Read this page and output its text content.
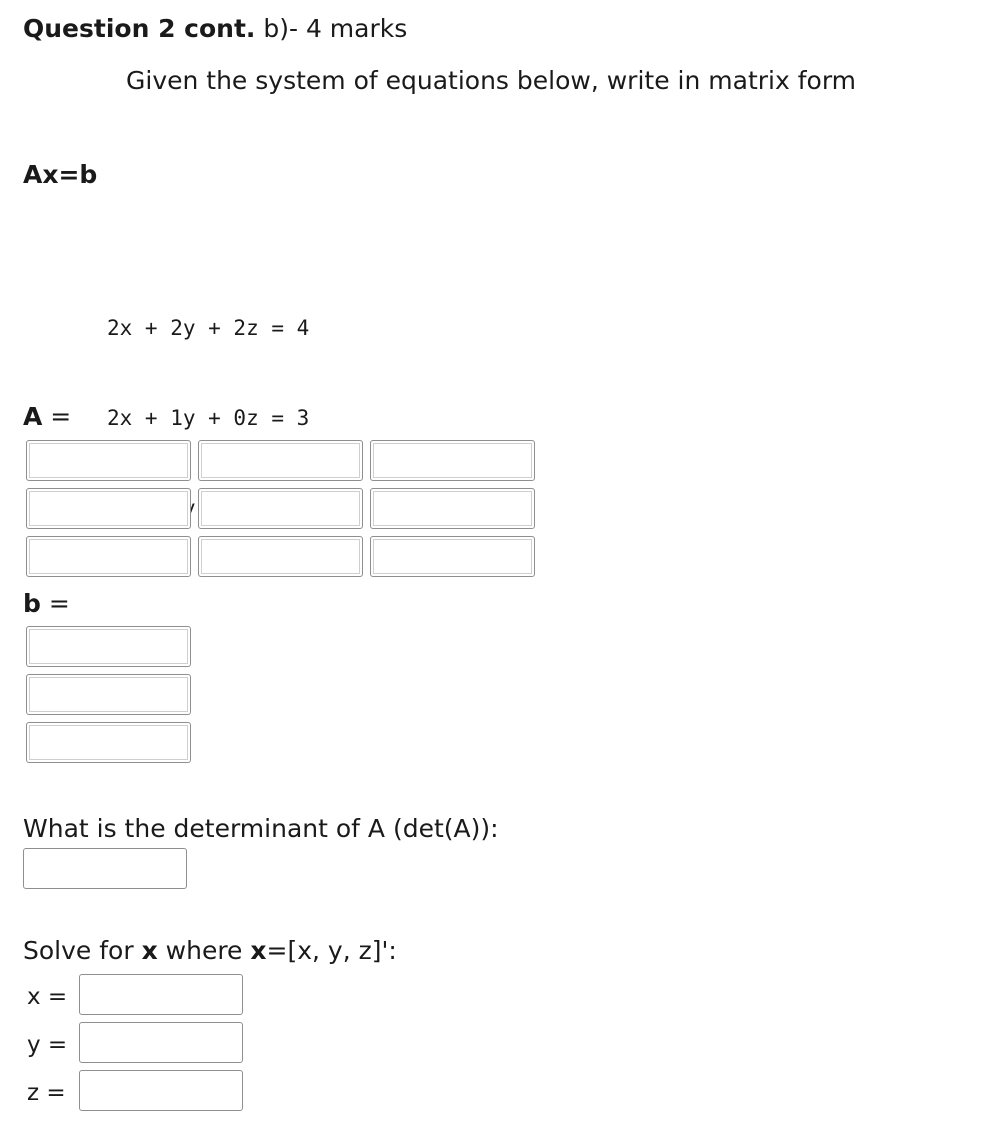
Question 2 cont. b)- 4 marks
Given the system of equations below, write in matrix form
Ax=b

2x + 2y + 2z = 4

2x + 1y + 0z = 3

A =
b =
What is the determinant of A (det(A)):
Solve for x where x=[x, y, z]':
x =
y =
z =
